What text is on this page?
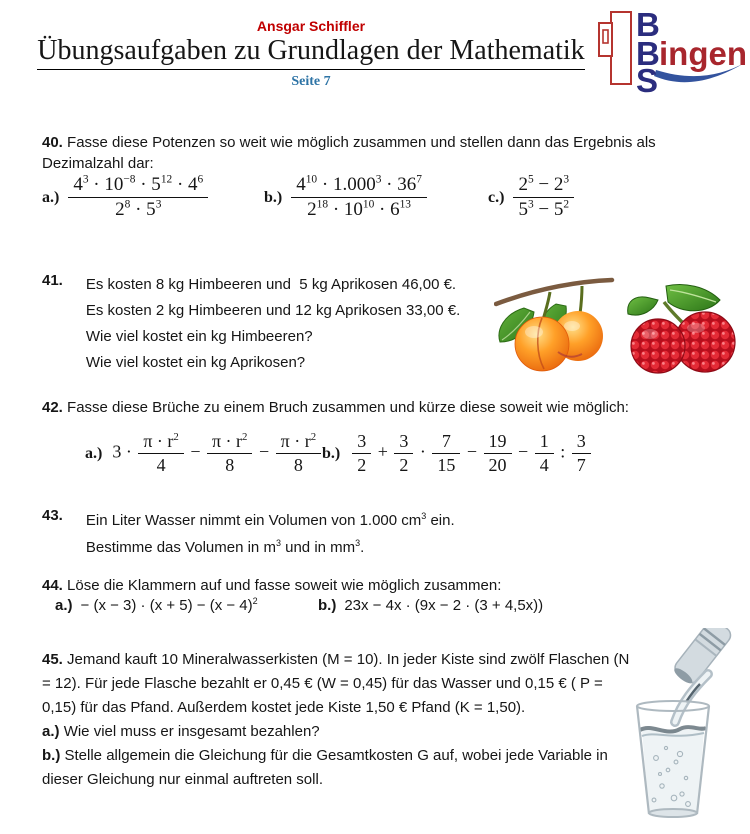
Ansgar Schiffler
Übungsaufgaben zu Grundlagen der Mathematik
Seite 7
B
B ingen
S
40. Fasse diese Potenzen so weit wie möglich zusammen und stellen dann das Ergebnis als Dezimalzahl dar:
$a.) \frac{4^3 \cdot 10^{-8} \cdot 5^{12} \cdot 4^6}{2^8 \cdot 5^3}$	$b.) \frac{4^{10} \cdot 1.000^3 \cdot 36^7}{2^{18} \cdot 10^{10} \cdot 6^{13}}$	$c.) \frac{2^5 - 2^3}{5^3 - 5^2}$
41. Es kosten 8 kg Himbeeren und  5 kg Aprikosen 46,00 €.
Es kosten 2 kg Himbeeren und 12 kg Aprikosen 33,00 €.
Wie viel kostet ein kg Himbeeren?
Wie viel kostet ein kg Aprikosen?
42. Fasse diese Brüche zu einem Bruch zusammen und kürze diese soweit wie möglich:
a.) $3 \cdot \frac{\pi \cdot r^2}{4} - \frac{\pi \cdot r^2}{8} - \frac{\pi \cdot r^2}{8} b.) \frac{3}{2} + \frac{3}{2} \cdot \frac{7}{15} - \frac{19}{20} - \frac{1}{4}$ : $\frac{3}{7}$
43. Ein Liter Wasser nimmt ein Volumen von 1.000 $cm^3$ ein.
Bestimme das Volumen in $m^3$ und in $mm^3$.
44. Löse die Klammern auf und fasse soweit wie möglich zusammen:
$a.) - (x - 3) \cdot (x + 5) - (x - 4)^2$	b.) 23x − 4x · (9x − 2 · (3 + 4,5x))
45. Jemand kauft 10 Mineralwasserkisten (M = 10). In jeder Kiste sind zwölf Flaschen (N = 12). Für jede Flasche bezahlt er 0,45 € (W = 0,45) für das Wasser und 0,15 € ( P = 0,15) für das Pfand. Außerdem kostet jede Kiste 1,50 € Pfand (K = 1,50).
a.) Wie viel muss er insgesamt bezahlen?
b.) Stelle allgemein die Gleichung für die Gesamtkosten G auf, wobei jede Variable in dieser Gleichung nur einmal auftreten soll.
